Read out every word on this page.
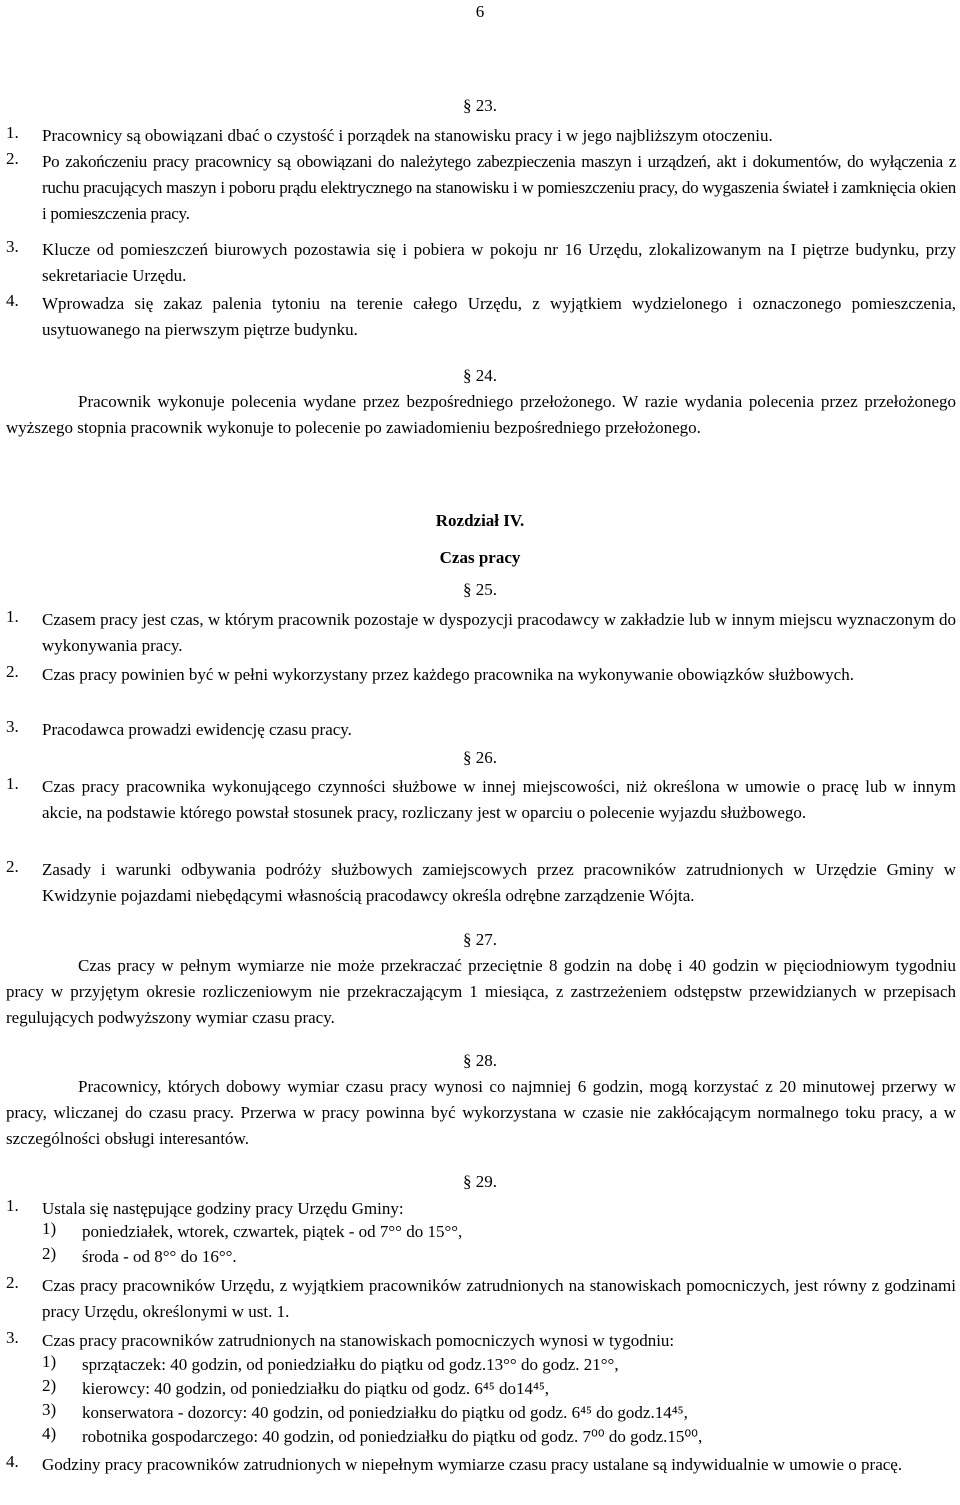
6
§ 23.
1. Pracownicy są obowiązani dbać o czystość i porządek na stanowisku pracy i w jego najbliższym otoczeniu.
2. Po zakończeniu pracy pracownicy są obowiązani do należytego zabezpieczenia maszyn i urządzeń, akt i dokumentów, do wyłączenia z ruchu pracujących maszyn i poboru prądu elektrycznego na stanowisku i w pomieszczeniu pracy, do wygaszenia świateł i zamknięcia okien i pomieszczenia pracy.
3. Klucze od pomieszczeń biurowych pozostawia się i pobiera w pokoju nr 16 Urzędu, zlokalizowanym na I piętrze budynku, przy sekretariacie Urzędu.
4. Wprowadza się zakaz palenia tytoniu na terenie całego Urzędu, z wyjątkiem wydzielonego i oznaczonego pomieszczenia, usytuowanego na pierwszym piętrze budynku.
§ 24.
Pracownik wykonuje polecenia wydane przez bezpośredniego przełożonego. W razie wydania polecenia przez przełożonego wyższego stopnia pracownik wykonuje to polecenie po zawiadomieniu bezpośredniego przełożonego.
Rozdział IV.
Czas pracy
§ 25.
1. Czasem pracy jest czas, w którym pracownik pozostaje w dyspozycji pracodawcy w zakładzie lub w innym miejscu wyznaczonym do wykonywania pracy.
2. Czas pracy powinien być w pełni wykorzystany przez każdego pracownika na wykonywanie obowiązków służbowych.
3. Pracodawca prowadzi ewidencję czasu pracy.
§ 26.
1. Czas pracy pracownika wykonującego czynności służbowe w innej miejscowości, niż określona w umowie o pracę lub w innym akcie, na podstawie którego powstał stosunek pracy, rozliczany jest w oparciu o polecenie wyjazdu służbowego.
2. Zasady i warunki odbywania podróży służbowych zamiejscowych przez pracowników zatrudnionych w Urzędzie Gminy w Kwidzynie pojazdami niebędącymi własnością pracodawcy określa odrębne zarządzenie Wójta.
§ 27.
Czas pracy w pełnym wymiarze nie może przekraczać przeciętnie 8 godzin na dobę i 40 godzin w pięciodniowym tygodniu pracy w przyjętym okresie rozliczeniowym nie przekraczającym 1 miesiąca, z zastrzeżeniem odstępstw przewidzianych w przepisach regulujących podwyższony wymiar czasu pracy.
§ 28.
Pracownicy, których dobowy wymiar czasu pracy wynosi co najmniej 6 godzin, mogą korzystać z 20 minutowej przerwy w pracy, wliczanej do czasu pracy. Przerwa w pracy powinna być wykorzystana w czasie nie zakłócającym normalnego toku pracy, a w szczególności obsługi interesantów.
§ 29.
1. Ustala się następujące godziny pracy Urzędu Gminy:
1) poniedziałek, wtorek, czwartek, piątek - od 7°° do 15°°,
2) środa - od 8°° do 16°°.
2. Czas pracy pracowników Urzędu, z wyjątkiem pracowników zatrudnionych na stanowiskach pomocniczych, jest równy z godzinami pracy Urzędu, określonymi w ust. 1.
3. Czas pracy pracowników zatrudnionych na stanowiskach pomocniczych wynosi w tygodniu:
1) sprzątaczek: 40 godzin, od poniedziałku do piątku od godz.13°° do godz. 21°°,
2) kierowcy: 40 godzin, od poniedziałku do piątku od godz. 6⁴⁵ do14⁴⁵,
3) konserwatora - dozorcy: 40 godzin, od poniedziałku do piątku od godz. 6⁴⁵ do godz.14⁴⁵,
4) robotnika gospodarczego: 40 godzin, od poniedziałku do piątku od godz. 7⁰⁰ do godz.15⁰⁰,
4. Godziny pracy pracowników zatrudnionych w niepełnym wymiarze czasu pracy ustalane są indywidualnie w umowie o pracę.
